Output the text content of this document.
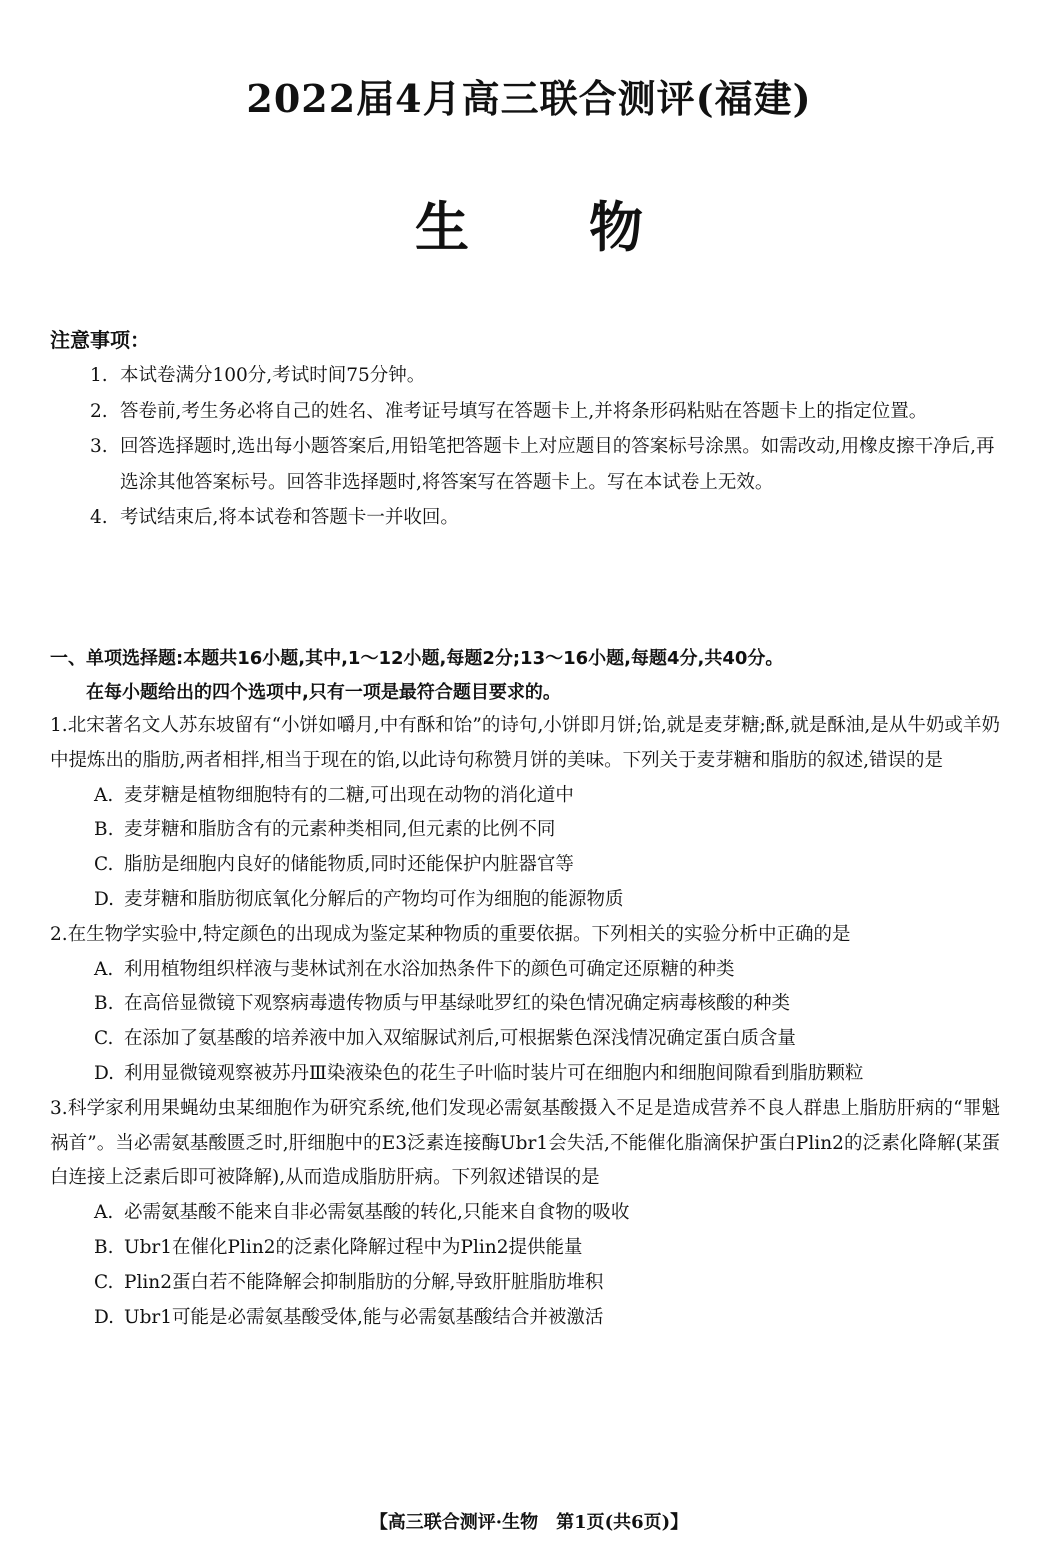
2022届4月高三联合测评(福建)
生物
注意事项：
1. 本试卷满分100分,考试时间75分钟。
2. 答卷前,考生务必将自己的姓名、准考证号填写在答题卡上,并将条形码粘贴在答题卡上的指定位置。
3. 回答选择题时,选出每小题答案后,用铅笔把答题卡上对应题目的答案标号涂黑。如需改动,用橡皮擦干净后,再选涂其他答案标号。回答非选择题时,将答案写在答题卡上。写在本试卷上无效。
4. 考试结束后,将本试卷和答题卡一并收回。
一、单项选择题:本题共16小题,其中,1～12小题,每题2分;13～16小题,每题4分,共40分。
在每小题给出的四个选项中,只有一项是最符合题目要求的。
1.北宋著名文人苏东坡留有“小饼如嚼月,中有酥和饴”的诗句,小饼即月饼;饴,就是麦芽糖;酥,就是酥油,是从牛奶或羊奶中提炼出的脂肪,两者相拌,相当于现在的馅,以此诗句称赞月饼的美味。下列关于麦芽糖和脂肪的叙述,错误的是
A. 麦芽糖是植物细胞特有的二糖,可出现在动物的消化道中
B. 麦芽糖和脂肪含有的元素种类相同,但元素的比例不同
C. 脂肪是细胞内良好的储能物质,同时还能保护内脏器官等
D. 麦芽糖和脂肪彻底氧化分解后的产物均可作为细胞的能源物质
2.在生物学实验中,特定颜色的出现成为鉴定某种物质的重要依据。下列相关的实验分析中正确的是
A. 利用植物组织样液与斐林试剂在水浴加热条件下的颜色可确定还原糖的种类
B. 在高倍显微镜下观察病毒遗传物质与甲基绿吡罗红的染色情况确定病毒核酸的种类
C. 在添加了氨基酸的培养液中加入双缩脲试剂后,可根据紫色深浅情况确定蛋白质含量
D. 利用显微镜观察被苏丹Ⅲ染液染色的花生子叶临时装片可在细胞内和细胞间隙看到脂肪颗粒
3.科学家利用果蝇幼虫某细胞作为研究系统,他们发现必需氨基酸摄入不足是造成营养不良人群患上脂肪肝病的“罪魁祸首”。当必需氨基酸匮乏时,肝细胞中的E3泛素连接酶Ubr1会失活,不能催化脂滴保护蛋白Plin2的泛素化降解(某蛋白连接上泛素后即可被降解),从而造成脂肪肝病。下列叙述错误的是
A. 必需氨基酸不能来自非必需氨基酸的转化,只能来自食物的吸收
B. Ubr1在催化Plin2的泛素化降解过程中为Plin2提供能量
C. Plin2蛋白若不能降解会抑制脂肪的分解,导致肝脏脂肪堆积
D. Ubr1可能是必需氨基酸受体,能与必需氨基酸结合并被激活
【高三联合测评·生物　第1页(共6页)】
